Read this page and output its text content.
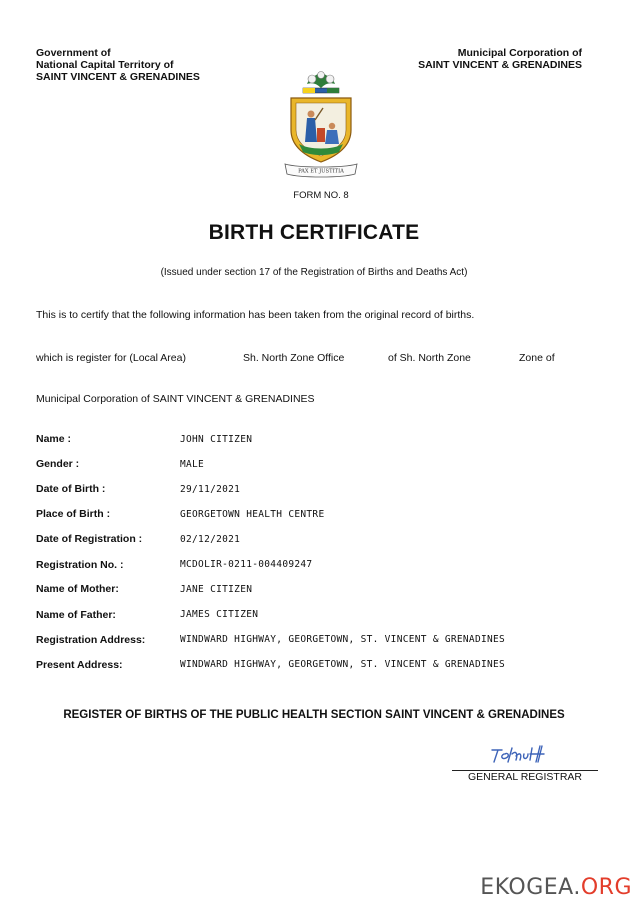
Government of
National Capital Territory of
SAINT VINCENT & GRENADINES
Municipal Corporation of
SAINT VINCENT & GRENADINES
PAX ET JUSTITIA
FORM NO. 8
BIRTH CERTIFICATE
(Issued under section 17 of the Registration of Births and Deaths Act)
This is to certify that the following information has been taken from the original record of births.
which is register for (Local Area)	Sh. North Zone Office	of Sh. North Zone	Zone of
Municipal Corporation of SAINT VINCENT & GRENADINES
Name :	JOHN CITIZEN
Gender :	MALE
Date of Birth :	29/11/2021
Place of Birth :	GEORGETOWN HEALTH CENTRE
Date of Registration :	02/12/2021
Registration No. :	MCDOLIR-0211-004409247
Name of Mother:	JANE CITIZEN
Name of Father:	JAMES CITIZEN
Registration Address:	WINDWARD HIGHWAY, GEORGETOWN, ST. VINCENT & GRENADINES
Present Address:	WINDWARD HIGHWAY, GEORGETOWN, ST. VINCENT & GRENADINES
REGISTER OF BIRTHS OF THE PUBLIC HEALTH SECTION SAINT VINCENT & GRENADINES
GENERAL REGISTRAR
EKOGEA.ORG
